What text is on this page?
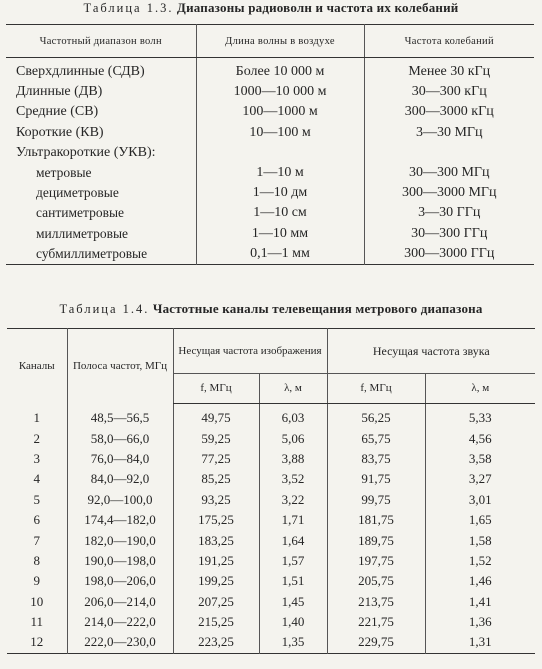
Таблица 1.3. Диапазоны радиоволн и частота их колебаний
Частотный диапазон волн	Длина волны в воздухе	Частота колебаний
Сверхдлинные (СДВ)	Более 10 000 м	Менее 30 кГц
Длинные (ДВ)	1000—10 000 м	30—300 кГц
Средние (СВ)	100—1000 м	300—3000 кГц
Короткие (КВ)	10—100 м	3—30 МГц
Ультракороткие (УКВ):		
метровые	1—10 м	30—300 МГц
дециметровые	1—10 дм	300—3000 МГц
сантиметровые	1—10 см	3—30 ГГц
миллиметровые	1—10 мм	30—300 ГГц
субмиллиметровые	0,1—1 мм	300—3000 ГГц
Таблица 1.4. Частотные каналы телевещания метрового диапазона
Каналы	Полоса частот, МГц	Несущая частота изображения		Несущая частота звука	
		f, МГц	λ, м	f, МГц	λ, м
1	48,5—56,5	49,75	6,03	56,25	5,33
2	58,0—66,0	59,25	5,06	65,75	4,56
3	76,0—84,0	77,25	3,88	83,75	3,58
4	84,0—92,0	85,25	3,52	91,75	3,27
5	92,0—100,0	93,25	3,22	99,75	3,01
6	174,4—182,0	175,25	1,71	181,75	1,65
7	182,0—190,0	183,25	1,64	189,75	1,58
8	190,0—198,0	191,25	1,57	197,75	1,52
9	198,0—206,0	199,25	1,51	205,75	1,46
10	206,0—214,0	207,25	1,45	213,75	1,41
11	214,0—222,0	215,25	1,40	221,75	1,36
12	222,0—230,0	223,25	1,35	229,75	1,31
